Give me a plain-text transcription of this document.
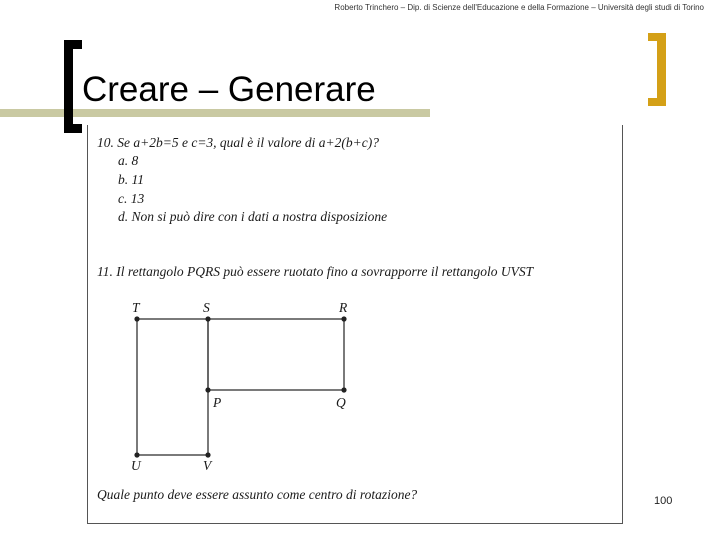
Roberto Trinchero – Dip. di Scienze dell'Educazione e della Formazione – Università degli studi di Torino
Creare – Generare
10. Se a+2b=5 e c=3, qual è il valore di a+2(b+c)?
a. 8
b. 11
c. 13
d. Non si può dire con i dati a nostra disposizione
11. Il rettangolo PQRS può essere ruotato fino a sovrapporre il rettangolo UVST
T	S	R
P	Q
U	V
Quale punto deve essere assunto come centro di rotazione?	100
